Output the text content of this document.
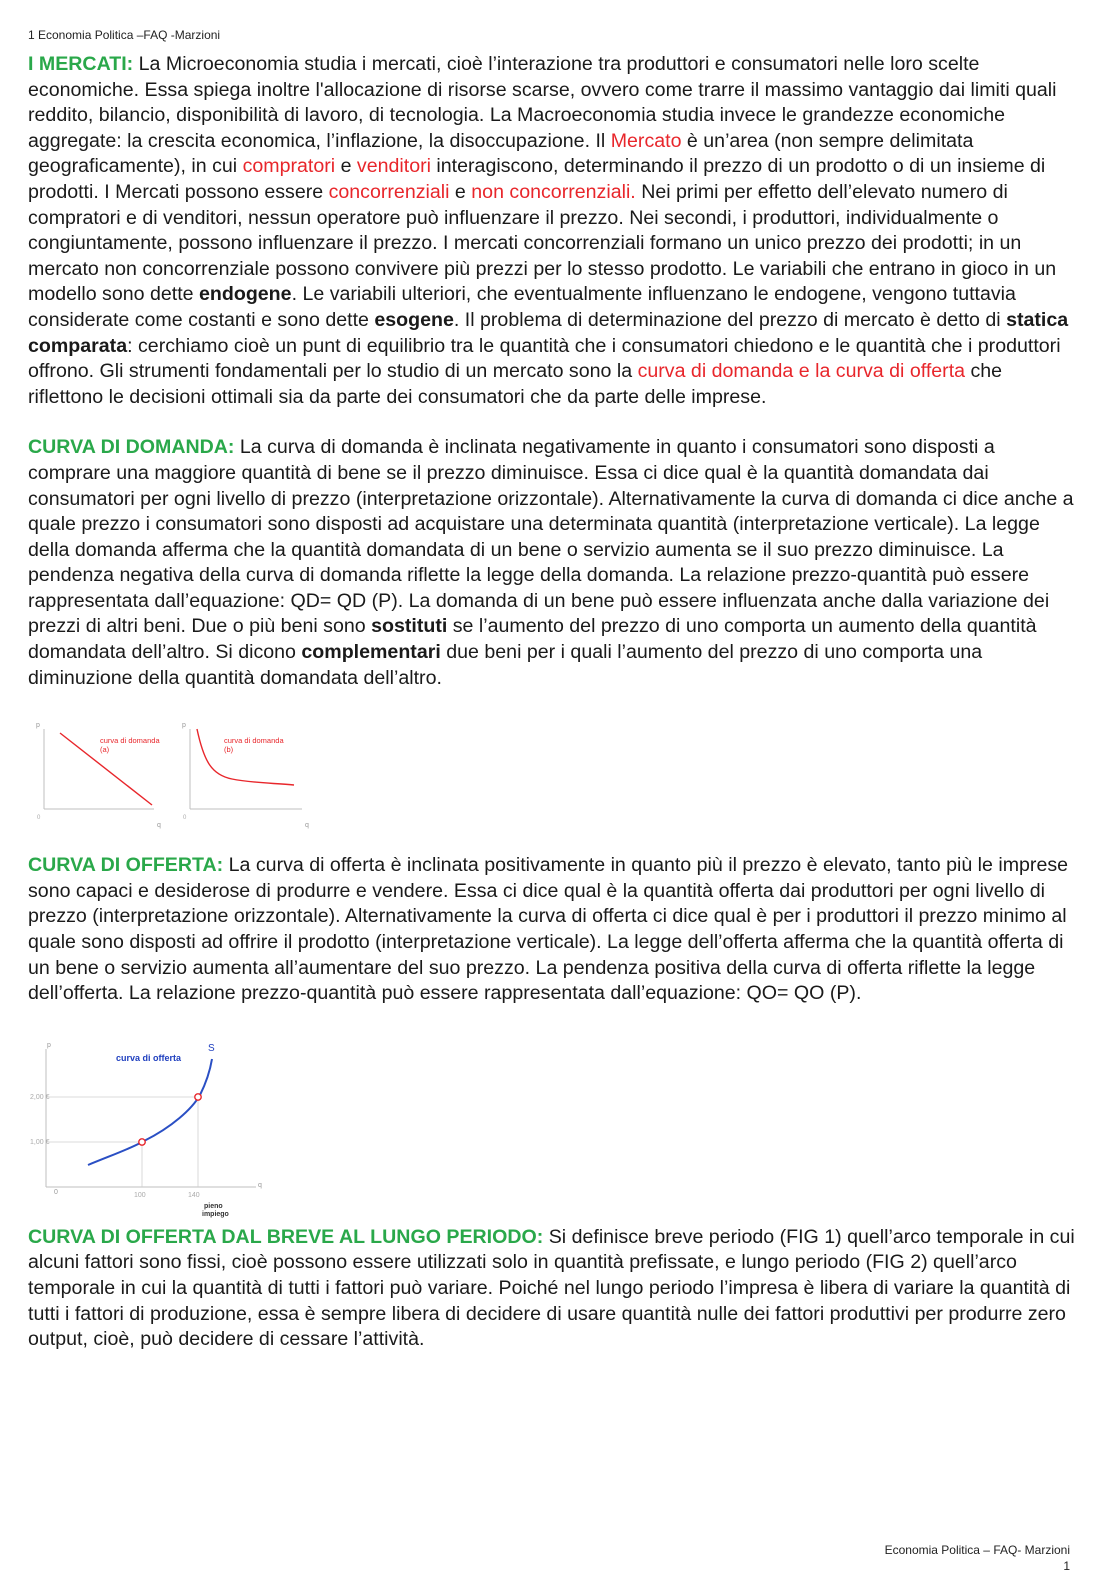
1 Economia Politica –FAQ -Marzioni

I MERCATI: La Microeconomia studia i mercati, cioè l’interazione tra produttori e consumatori nelle loro scelte economiche. Essa spiega inoltre l'allocazione di risorse scarse, ovvero come trarre il massimo vantaggio dai limiti quali reddito, bilancio, disponibilità di lavoro, di tecnologia. La Macroeconomia studia invece le grandezze economiche aggregate: la crescita economica, l’inflazione, la disoccupazione. Il Mercato è un’area (non sempre delimitata geograficamente), in cui compratori e venditori interagiscono, determinando il prezzo di un prodotto o di un insieme di prodotti. I Mercati possono essere concorrenziali e non concorrenziali. Nei primi per effetto dell’elevato numero di compratori e di venditori, nessun operatore può influenzare il prezzo. Nei secondi, i produttori, individualmente o congiuntamente, possono influenzare il prezzo. I mercati concorrenziali formano un unico prezzo dei prodotti; in un mercato non concorrenziale possono convivere più prezzi per lo stesso prodotto. Le variabili che entrano in gioco in un modello sono dette endogene. Le variabili ulteriori, che eventualmente influenzano le endogene, vengono tuttavia considerate come costanti e sono dette esogene. Il problema di determinazione del prezzo di mercato è detto di statica comparata: cerchiamo cioè un punt di equilibrio tra le quantità che i consumatori chiedono e le quantità che i produttori offrono. Gli strumenti fondamentali per lo studio di un mercato sono la curva di domanda e la curva di offerta che riflettono le decisioni ottimali sia da parte dei consumatori che da parte delle imprese.

CURVA DI DOMANDA: La curva di domanda è inclinata negativamente in quanto i consumatori sono disposti a comprare una maggiore quantità di bene se il prezzo diminuisce. Essa ci dice qual è la quantità domandata dai consumatori per ogni livello di prezzo (interpretazione orizzontale). Alternativamente la curva di domanda ci dice anche a quale prezzo i consumatori sono disposti ad acquistare una determinata quantità (interpretazione verticale). La legge della domanda afferma che la quantità domandata di un bene o servizio aumenta se il suo prezzo diminuisce. La pendenza negativa della curva di domanda riflette la legge della domanda. La relazione prezzo-quantità può essere rappresentata dall’equazione: QD= QD (P). La domanda di un bene può essere influenzata anche dalla variazione dei prezzi di altri beni. Due o più beni sono sostituti se l’aumento del prezzo di uno comporta un aumento della quantità domandata dell’altro. Si dicono complementari due beni per i quali l’aumento del prezzo di uno comporta una diminuzione della quantità domandata dell’altro.

p
q
0
curva di domanda
(a)
p
q
0
curva di domanda
(b)

CURVA DI OFFERTA: La curva di offerta è inclinata positivamente in quanto più il prezzo è elevato, tanto più le imprese sono capaci e desiderose di produrre e vendere. Essa ci dice qual è la quantità offerta dai produttori per ogni livello di prezzo (interpretazione orizzontale). Alternativamente la curva di offerta ci dice qual è per i produttori il prezzo minimo al quale sono disposti ad offrire il prodotto (interpretazione verticale). La legge dell’offerta afferma che la quantità offerta di un bene o servizio aumenta all’aumentare del suo prezzo. La pendenza positiva della curva di offerta riflette la legge dell’offerta. La relazione prezzo-quantità può essere rappresentata dall’equazione: QO= QO (P).

p
q
0
curva di offerta
S
2,00 €
1,00 €
100	140
pieno
impiego

CURVA DI OFFERTA DAL BREVE AL LUNGO PERIODO: Si definisce breve periodo (FIG 1) quell’arco temporale in cui alcuni fattori sono fissi, cioè possono essere utilizzati solo in quantità prefissate, e lungo periodo (FIG 2) quell’arco temporale in cui la quantità di tutti i fattori può variare. Poiché nel lungo periodo l’impresa è libera di variare la quantità di tutti i fattori di produzione, essa è sempre libera di decidere di usare quantità nulle dei fattori produttivi per produrre zero output, cioè, può decidere di cessare l’attività.

Economia Politica – FAQ- Marzioni
1
